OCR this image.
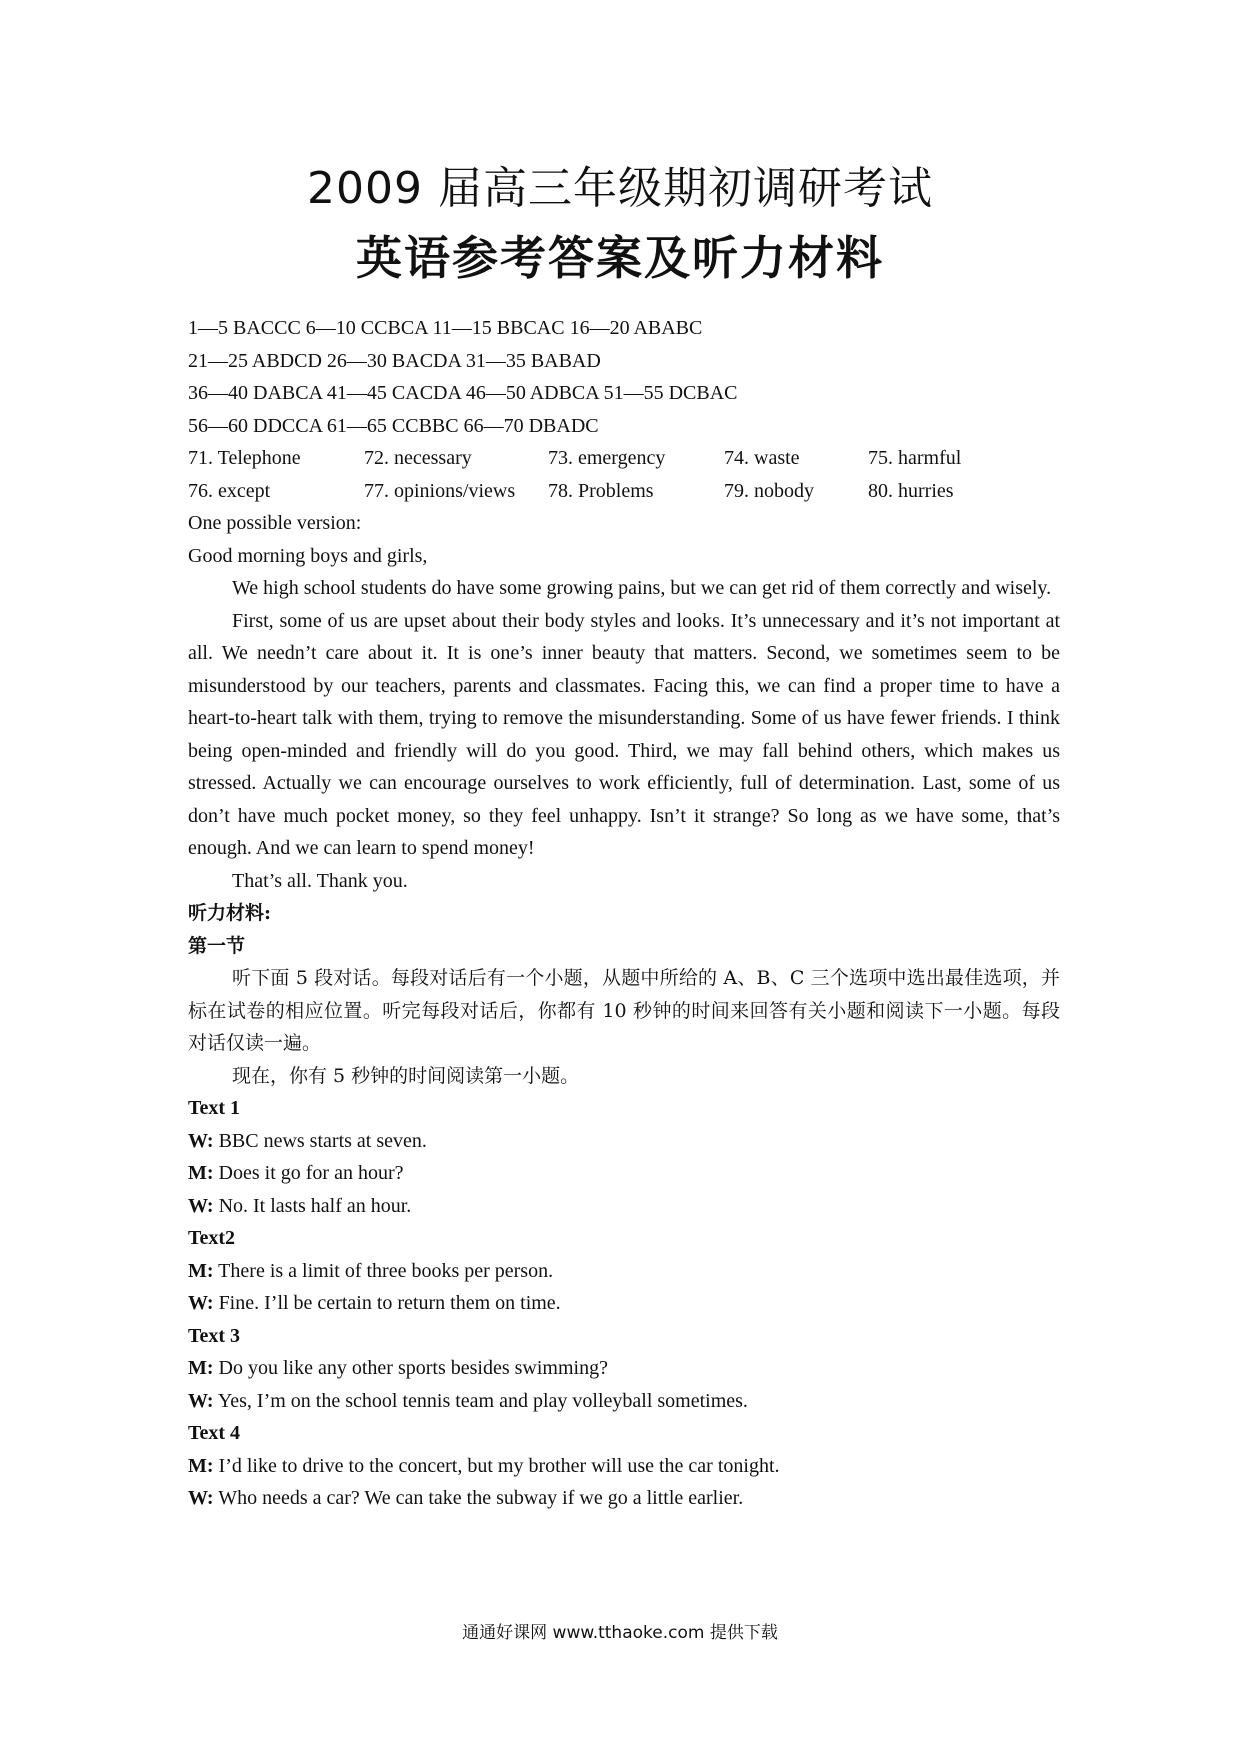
2009 届高三年级期初调研考试
英语参考答案及听力材料
1—5 BACCC 6—10 CCBCA 11—15 BBCAC 16—20 ABABC
21—25 ABDCD 26—30 BACDA 31—35 BABAD
36—40 DABCA 41—45 CACDA 46—50 ADBCA 51—55 DCBAC
56—60 DDCCA 61—65 CCBBC 66—70 DBADC
71. Telephone	72. necessary	73. emergency	74. waste	75. harmful
76. except	77. opinions/views	78. Problems	79. nobody	80. hurries
One possible version:
Good morning boys and girls,
We high school students do have some growing pains, but we can get rid of them correctly and wisely.
First, some of us are upset about their body styles and looks. It’s unnecessary and it’s not important at all. We needn’t care about it. It is one’s inner beauty that matters. Second, we sometimes seem to be misunderstood by our teachers, parents and classmates. Facing this, we can find a proper time to have a heart-to-heart talk with them, trying to remove the misunderstanding. Some of us have fewer friends. I think being open-minded and friendly will do you good. Third, we may fall behind others, which makes us stressed. Actually we can encourage ourselves to work efficiently, full of determination. Last, some of us don’t have much pocket money, so they feel unhappy. Isn’t it strange? So long as we have some, that’s enough. And we can learn to spend money!
That’s all. Thank you.
听力材料:
第一节
听下面 5 段对话。每段对话后有一个小题，从题中所给的 A、B、C 三个选项中选出最佳选项，并标在试卷的相应位置。听完每段对话后，你都有 10 秒钟的时间来回答有关小题和阅读下一小题。每段对话仅读一遍。
现在，你有 5 秒钟的时间阅读第一小题。
Text 1
W: BBC news starts at seven.
M: Does it go for an hour?
W: No. It lasts half an hour.
Text2
M: There is a limit of three books per person.
W: Fine. I’ll be certain to return them on time.
Text 3
M: Do you like any other sports besides swimming?
W: Yes, I’m on the school tennis team and play volleyball sometimes.
Text 4
M: I’d like to drive to the concert, but my brother will use the car tonight.
W: Who needs a car? We can take the subway if we go a little earlier.
通通好课网 www.tthaoke.com 提供下载
